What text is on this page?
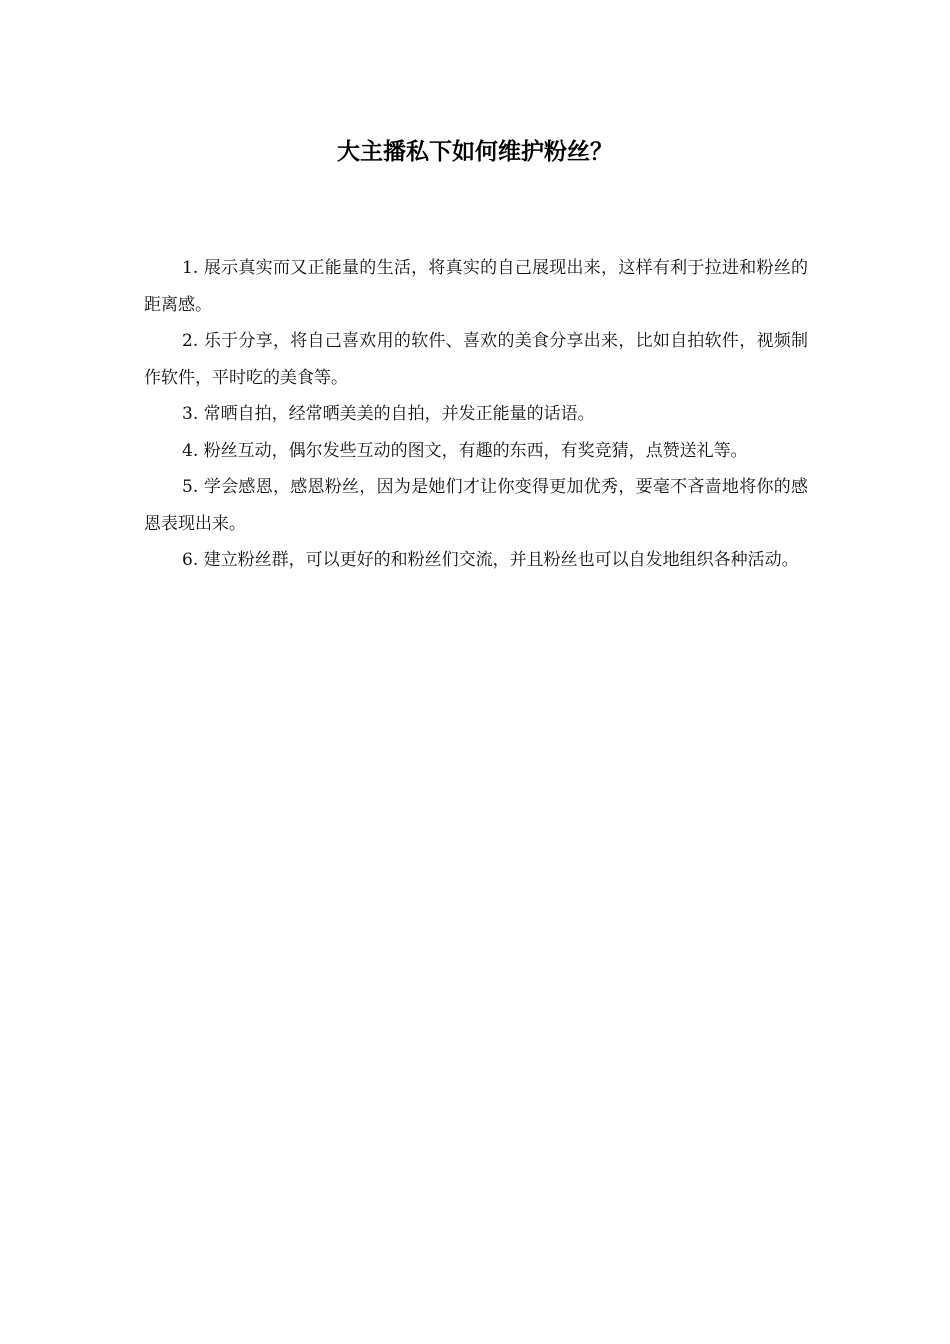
大主播私下如何维护粉丝？

1. 展示真实而又正能量的生活，将真实的自己展现出来，这样有利于拉进和粉丝的距离感。

2. 乐于分享，将自己喜欢用的软件、喜欢的美食分享出来，比如自拍软件，视频制作软件，平时吃的美食等。

3. 常晒自拍，经常晒美美的自拍，并发正能量的话语。

4. 粉丝互动，偶尔发些互动的图文，有趣的东西，有奖竞猜，点赞送礼等。

5. 学会感恩，感恩粉丝，因为是她们才让你变得更加优秀，要毫不吝啬地将你的感恩表现出来。

6. 建立粉丝群，可以更好的和粉丝们交流，并且粉丝也可以自发地组织各种活动。
